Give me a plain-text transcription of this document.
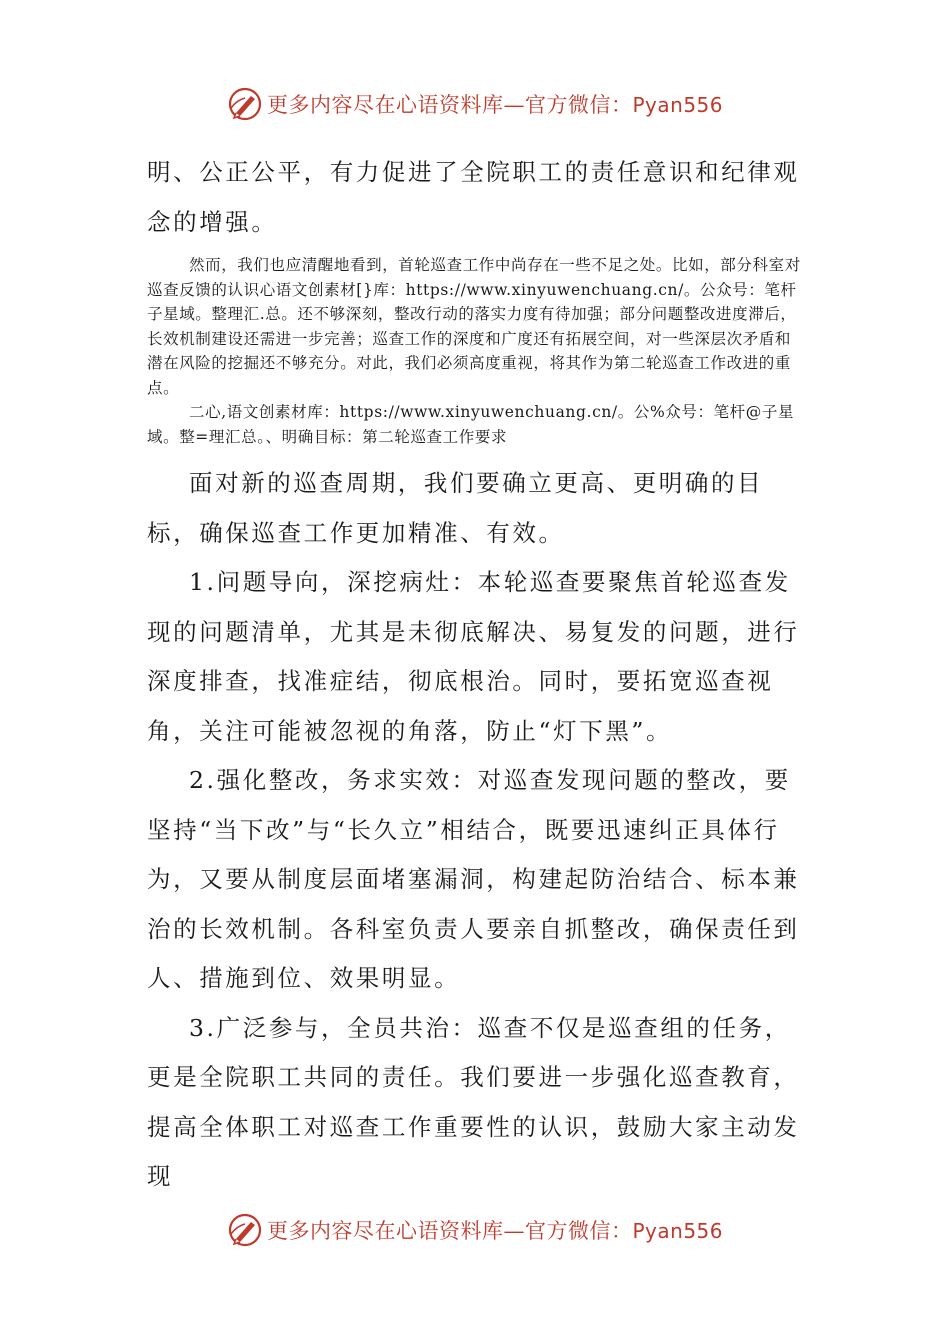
更多内容尽在心语资料库—官方微信：Pyan556

明、公正公平，有力促进了全院职工的责任意识和纪律观念的增强。

然而，我们也应清醒地看到，首轮巡查工作中尚存在一些不足之处。比如，部分科室对巡查反馈的认识心语文创素材[}库：https://www.xinyuwenchuang.cn/。公众号：笔杆子星域。整理汇.总。还不够深刻，整改行动的落实力度有待加强；部分问题整改进度滞后，长效机制建设还需进一步完善；巡查工作的深度和广度还有拓展空间，对一些深层次矛盾和潜在风险的挖掘还不够充分。对此，我们必须高度重视，将其作为第二轮巡查工作改进的重点。

二心,语文创素材库：https://www.xinyuwenchuang.cn/。公%众号：笔杆@子星域。整=理汇总。、明确目标：第二轮巡查工作要求

面对新的巡查周期，我们要确立更高、更明确的目标，确保巡查工作更加精准、有效。

1.问题导向，深挖病灶：本轮巡查要聚焦首轮巡查发现的问题清单，尤其是未彻底解决、易复发的问题，进行深度排查，找准症结，彻底根治。同时，要拓宽巡查视角，关注可能被忽视的角落，防止“灯下黑”。

2.强化整改，务求实效：对巡查发现问题的整改，要坚持“当下改”与“长久立”相结合，既要迅速纠正具体行为，又要从制度层面堵塞漏洞，构建起防治结合、标本兼治的长效机制。各科室负责人要亲自抓整改，确保责任到人、措施到位、效果明显。

3.广泛参与，全员共治：巡查不仅是巡查组的任务，更是全院职工共同的责任。我们要进一步强化巡查教育，提高全体职工对巡查工作重要性的认识，鼓励大家主动发现

更多内容尽在心语资料库—官方微信：Pyan556
